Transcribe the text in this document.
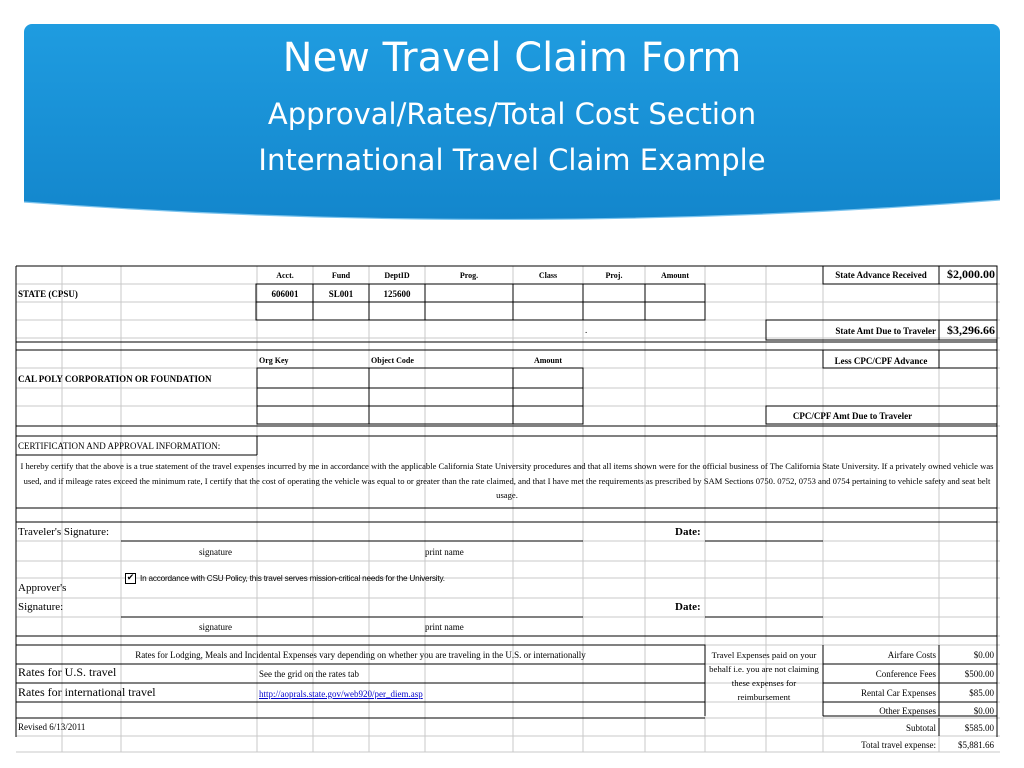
New Travel Claim Form
Approval/Rates/Total Cost Section
International Travel Claim Example
Acct.	Fund	DeptID	Prog.	Class	Proj.	Amount	State Advance Received	$2,000.00
STATE (CPSU)	606001	SL001	125600
.	State Amt Due to Traveler $3,296.66
Org Key	Object Code	Amount	Less CPC/CPF Advance
CAL POLY CORPORATION OR FOUNDATION
CPC/CPF Amt Due to Traveler
CERTIFICATION AND APPROVAL INFORMATION:
I hereby certify that the above is a true statement of the travel expenses incurred by me in accordance with the applicable California State University procedures and that all items shown were for the official business of The California State University. If a privately owned vehicle was used, and if mileage rates exceed the minimum rate, I certify that the cost of operating the vehicle was equal to or greater than the rate claimed, and that I have met the requirements as prescribed by SAM Sections 0750. 0752, 0753 and 0754 pertaining to vehicle safety and seat belt usage.
Traveler's Signature:	Date:
signature	print name
✔ In accordance with CSU Policy, this travel serves mission-critical needs for the University.
Approver's
Signature:	Date:
signature	print name
Rates for Lodging, Meals and Incidental Expenses vary depending on whether you are traveling in the U.S. or internationally
Rates for U.S. travel	See the grid on the rates tab
Rates for international travel	http://aoprals.state.gov/web920/per_diem.asp
Revised 6/13/2011
Travel Expenses paid on your behalf i.e. you are not claiming these expenses for reimbursement
Airfare Costs	$0.00
Conference Fees	$500.00
Rental Car Expenses	$85.00
Other Expenses	$0.00
Subtotal	$585.00
Total travel expense:	$5,881.66
